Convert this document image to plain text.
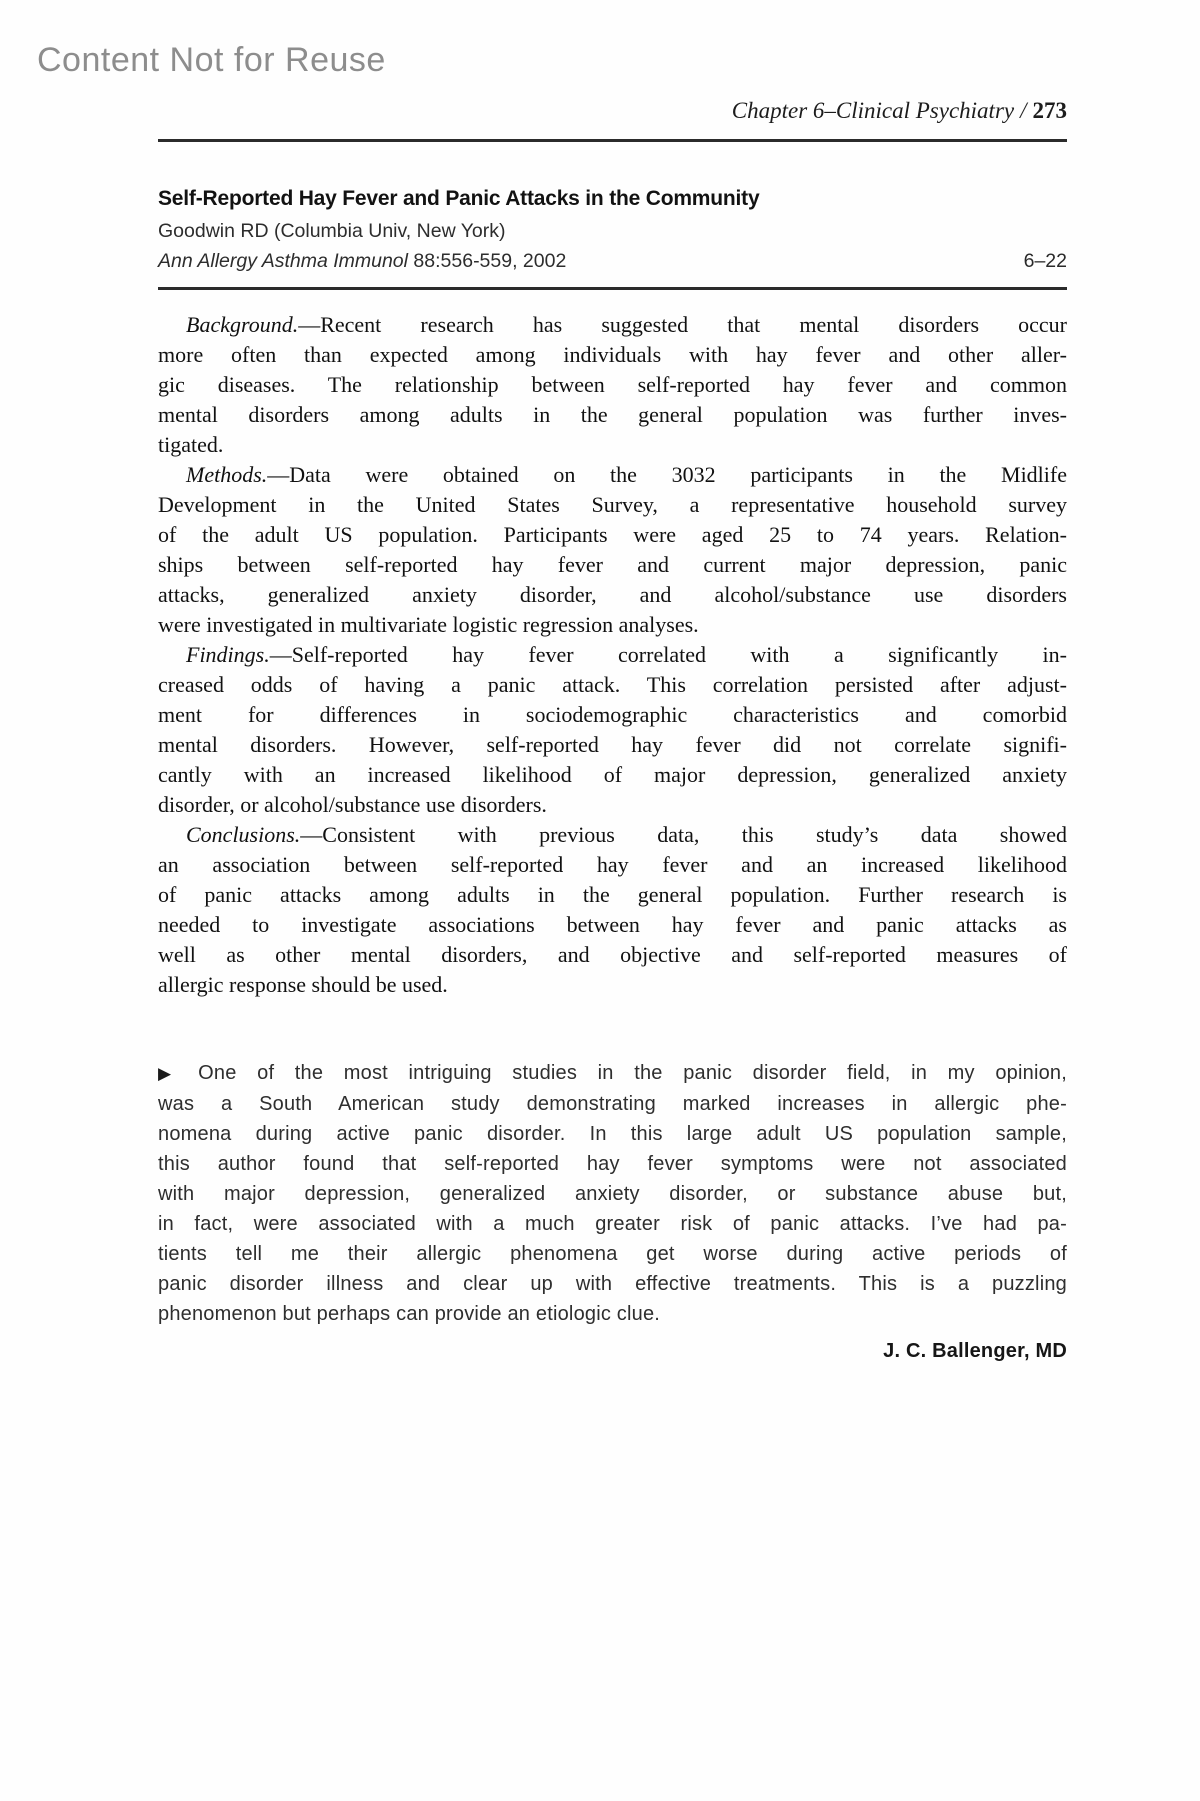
Content Not for Reuse
Chapter 6–Clinical Psychiatry / 273
Self-Reported Hay Fever and Panic Attacks in the Community
Goodwin RD (Columbia Univ, New York)
Ann Allergy Asthma Immunol 88:556-559, 2002	6–22
Background.—Recent research has suggested that mental disorders occur
more often than expected among individuals with hay fever and other aller-
gic diseases. The relationship between self-reported hay fever and common
mental disorders among adults in the general population was further inves-
tigated.
Methods.—Data were obtained on the 3032 participants in the Midlife
Development in the United States Survey, a representative household survey
of the adult US population. Participants were aged 25 to 74 years. Relation-
ships between self-reported hay fever and current major depression, panic
attacks, generalized anxiety disorder, and alcohol/substance use disorders
were investigated in multivariate logistic regression analyses.
Findings.—Self-reported hay fever correlated with a significantly in-
creased odds of having a panic attack. This correlation persisted after adjust-
ment for differences in sociodemographic characteristics and comorbid
mental disorders. However, self-reported hay fever did not correlate signifi-
cantly with an increased likelihood of major depression, generalized anxiety
disorder, or alcohol/substance use disorders.
Conclusions.—Consistent with previous data, this study’s data showed
an association between self-reported hay fever and an increased likelihood
of panic attacks among adults in the general population. Further research is
needed to investigate associations between hay fever and panic attacks as
well as other mental disorders, and objective and self-reported measures of
allergic response should be used.
▶ One of the most intriguing studies in the panic disorder field, in my opinion,
was a South American study demonstrating marked increases in allergic phe-
nomena during active panic disorder. In this large adult US population sample,
this author found that self-reported hay fever symptoms were not associated
with major depression, generalized anxiety disorder, or substance abuse but,
in fact, were associated with a much greater risk of panic attacks. I’ve had pa-
tients tell me their allergic phenomena get worse during active periods of
panic disorder illness and clear up with effective treatments. This is a puzzling
phenomenon but perhaps can provide an etiologic clue.
J. C. Ballenger, MD
